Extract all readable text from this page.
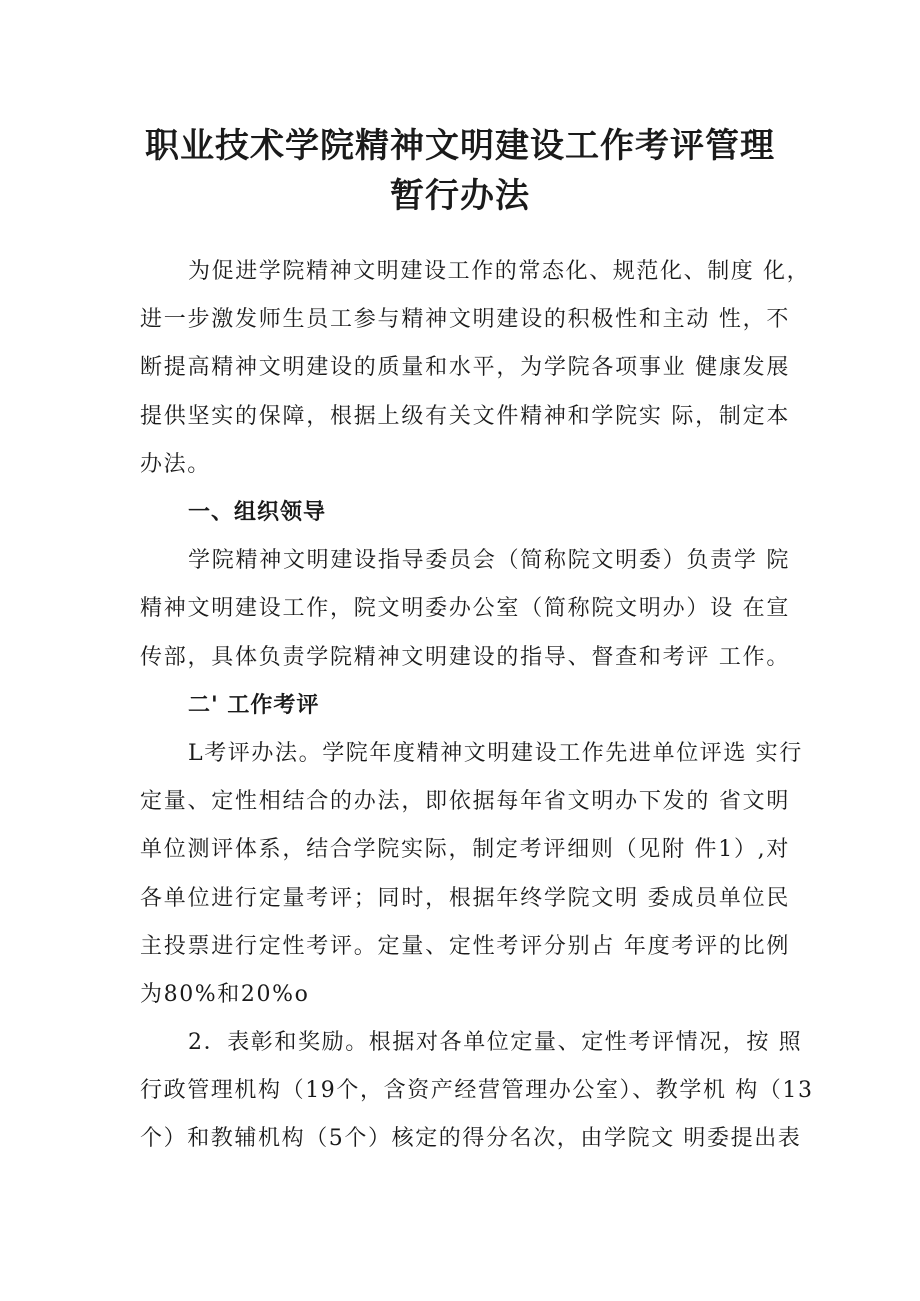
职业技术学院精神文明建设工作考评管理
暂行办法
为促进学院精神文明建设工作的常态化、规范化、制度 化，
进一步激发师生员工参与精神文明建设的积极性和主动 性，不
断提高精神文明建设的质量和水平，为学院各项事业 健康发展
提供坚实的保障，根据上级有关文件精神和学院实 际，制定本
办法。
一、组织领导
学院精神文明建设指导委员会（简称院文明委）负责学 院
精神文明建设工作，院文明委办公室（简称院文明办）设 在宣
传部，具体负责学院精神文明建设的指导、督查和考评 工作。
二' 工作考评
L考评办法。学院年度精神文明建设工作先进单位评选 实行
定量、定性相结合的办法，即依据每年省文明办下发的 省文明
单位测评体系，结合学院实际，制定考评细则（见附 件1）,对
各单位进行定量考评；同时，根据年终学院文明 委成员单位民
主投票进行定性考评。定量、定性考评分别占 年度考评的比例
为80%和20%o
2．表彰和奖励。根据对各单位定量、定性考评情况，按 照
行政管理机构（19个，含资产经营管理办公室）、教学机 构（13
个）和教辅机构（5个）核定的得分名次，由学院文 明委提出表
